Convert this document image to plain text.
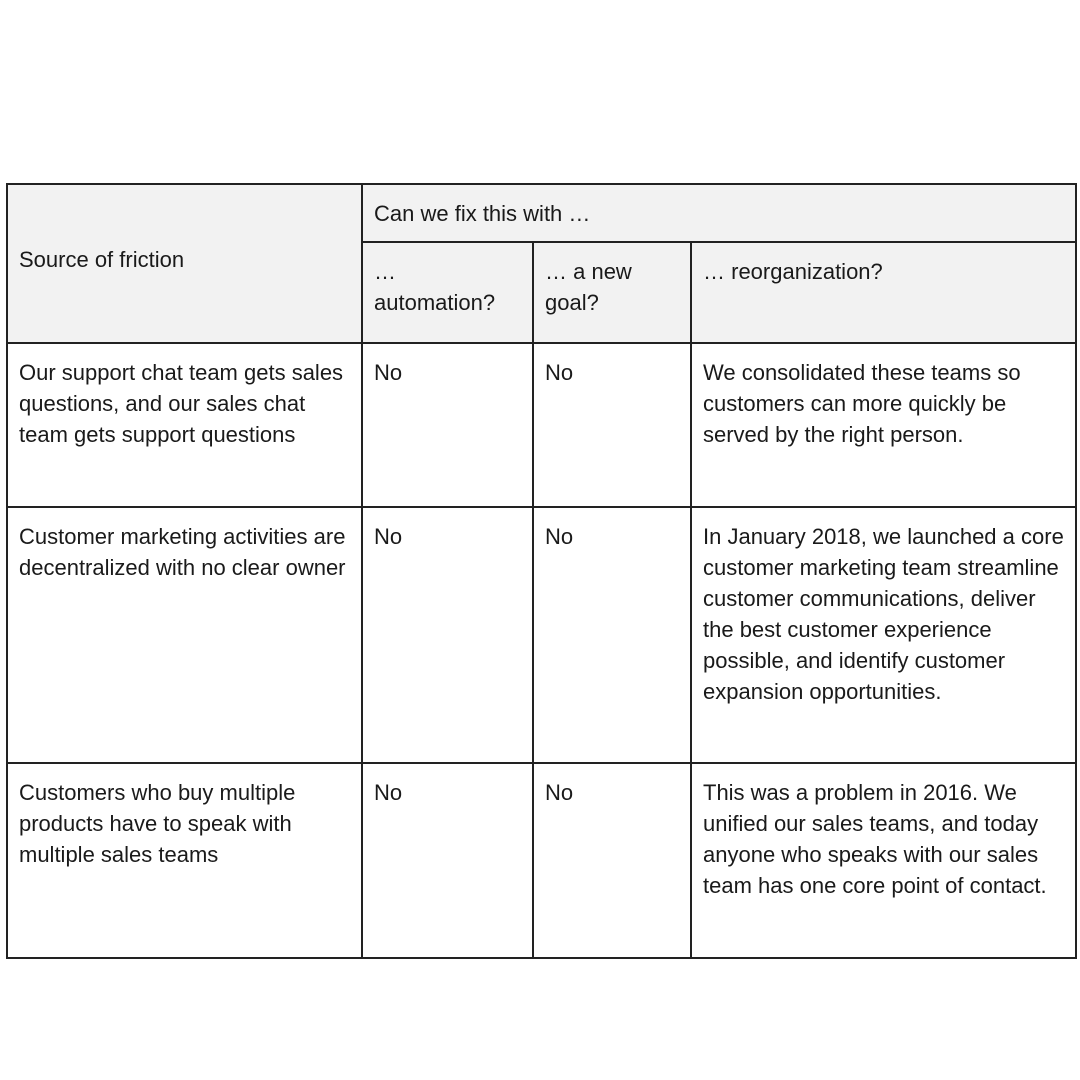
Source of friction	Can we fix this with …		
	… automation?	… a new goal?	… reorganization?

Our support chat team gets sales questions, and our sales chat team gets support questions	No	No	We consolidated these teams so customers can more quickly be served by the right person.

Customer marketing activities are decentralized with no clear owner	No	No	In January 2018, we launched a core customer marketing team streamline customer communications, deliver the best customer experience possible, and identify customer expansion opportunities.

Customers who buy multiple products have to speak with multiple sales teams	No	No	This was a problem in 2016. We unified our sales teams, and today anyone who speaks with our sales team has one core point of contact.
